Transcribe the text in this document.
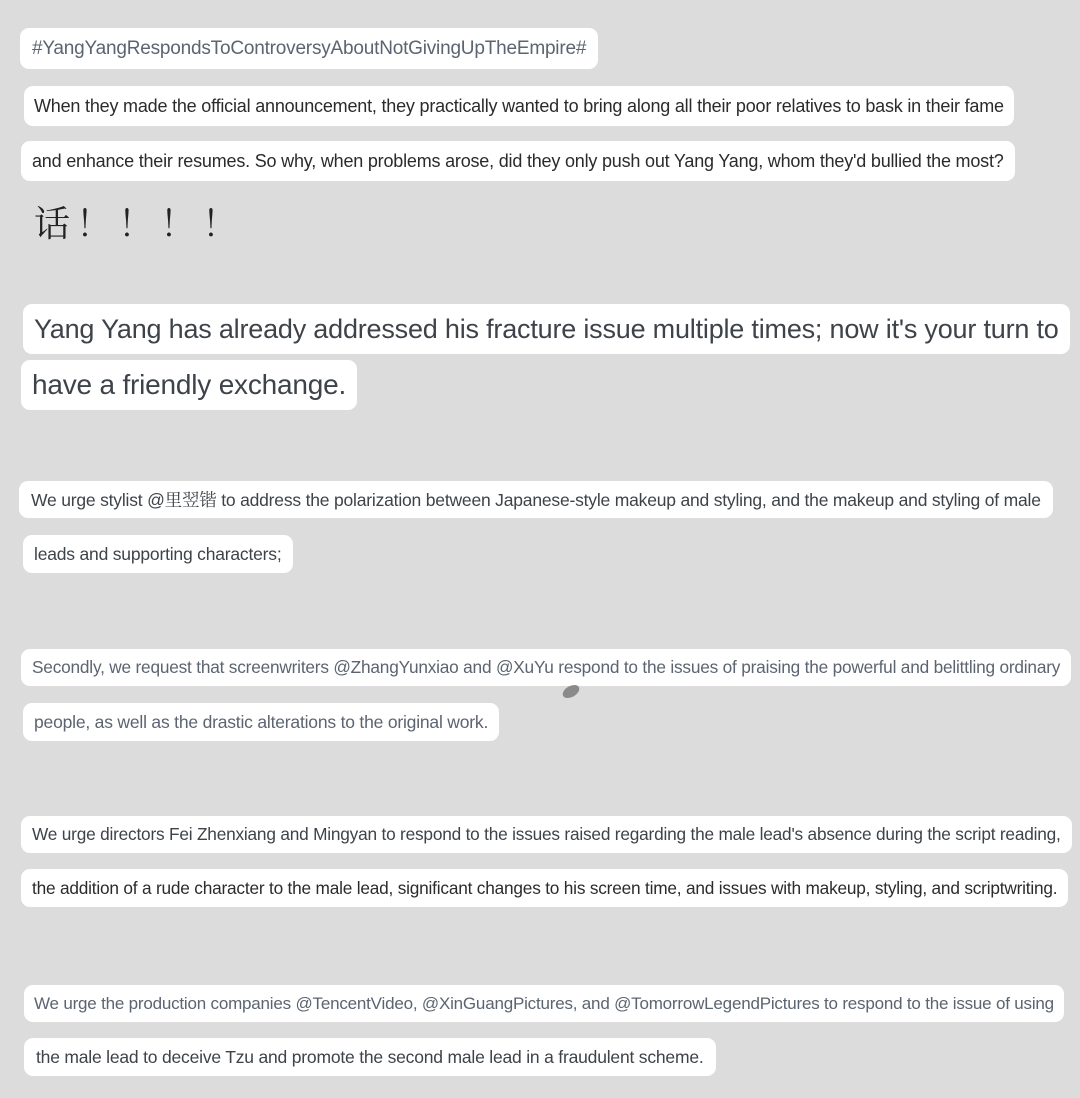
#YangYangRespondsToControversyAboutNotGivingUpTheEmpire#
When they made the official announcement, they practically wanted to bring along all their poor relatives to bask in their fame
and enhance their resumes. So why, when problems arose, did they only push out Yang Yang, whom they'd bullied the most?
话！！！！
Yang Yang has already addressed his fracture issue multiple times; now it's your turn to
have a friendly exchange.
We urge stylist @里翌锴 to address the polarization between Japanese-style makeup and styling, and the makeup and styling of male
leads and supporting characters;
Secondly, we request that screenwriters @ZhangYunxiao and @XuYu respond to the issues of praising the powerful and belittling ordinary
people, as well as the drastic alterations to the original work.
We urge directors Fei Zhenxiang and Mingyan to respond to the issues raised regarding the male lead's absence during the script reading,
the addition of a rude character to the male lead, significant changes to his screen time, and issues with makeup, styling, and scriptwriting.
We urge the production companies @TencentVideo, @XinGuangPictures, and @TomorrowLegendPictures to respond to the issue of using
the male lead to deceive Tzu and promote the second male lead in a fraudulent scheme.
